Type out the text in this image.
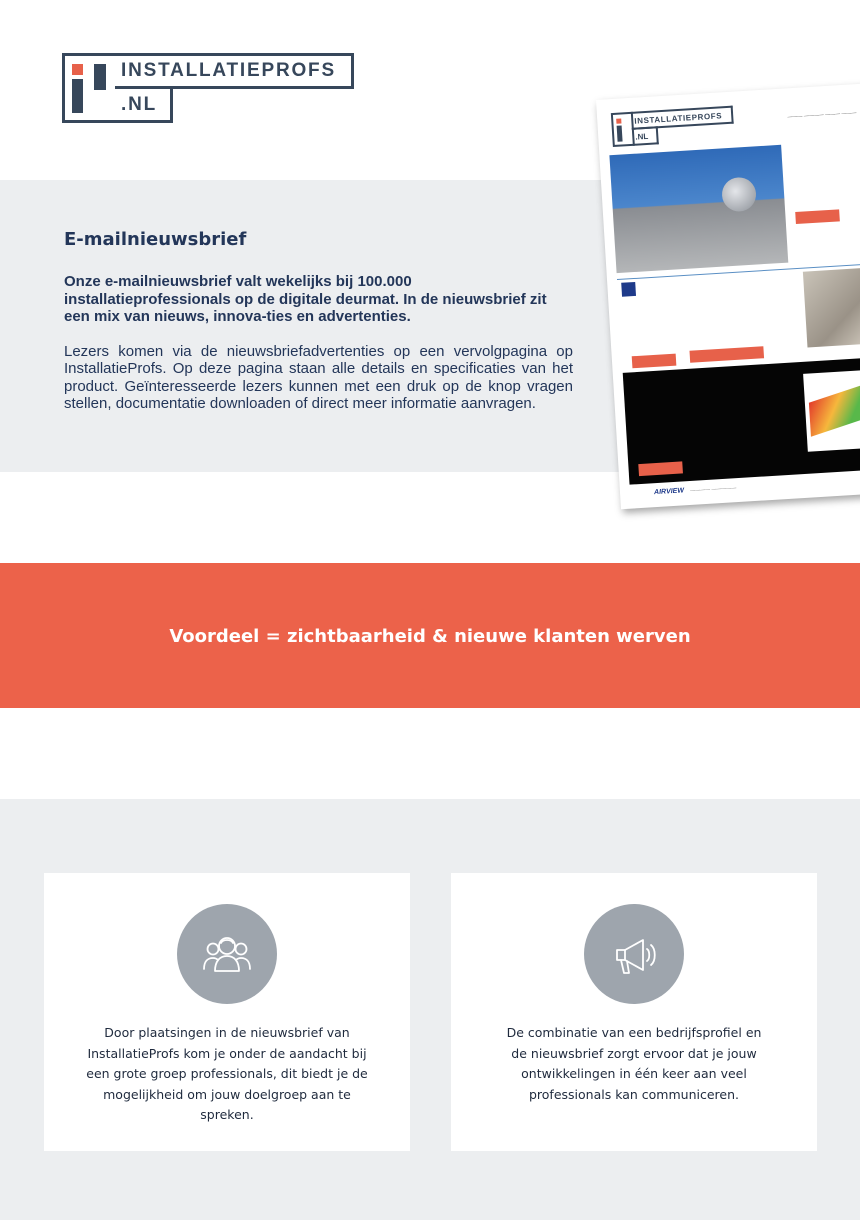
INSTALLATIEPROFS
.NL
E-mailnieuwsbrief

Onze e-mailnieuwsbrief valt wekelijks bij 100.000 installatieprofessionals op de digitale deurmat. In de nieuwsbrief zit een mix van nieuws, innova-ties en advertenties.

Lezers komen via de nieuwsbriefadvertenties op een vervolgpagina op InstallatieProfs. Op deze pagina staan alle details en specificaties van het product. Geïnteresseerde lezers kunnen met een druk op de knop vragen stellen, documentatie downloaden of direct meer informatie aanvragen.

INSTALLATIEPROFS
.NL
——— ———— ——— ———
AIRVIEW ———— —————
Voordeel = zichtbaarheid & nieuwe klanten werven
Door plaatsingen in de nieuwsbrief van InstallatieProfs kom je onder de aandacht bij een grote groep professionals, dit biedt je de mogelijkheid om jouw doelgroep aan te spreken.
De combinatie van een bedrijfsprofiel en de nieuwsbrief zorgt ervoor dat je jouw ontwikkelingen in één keer aan veel professionals kan communiceren.
